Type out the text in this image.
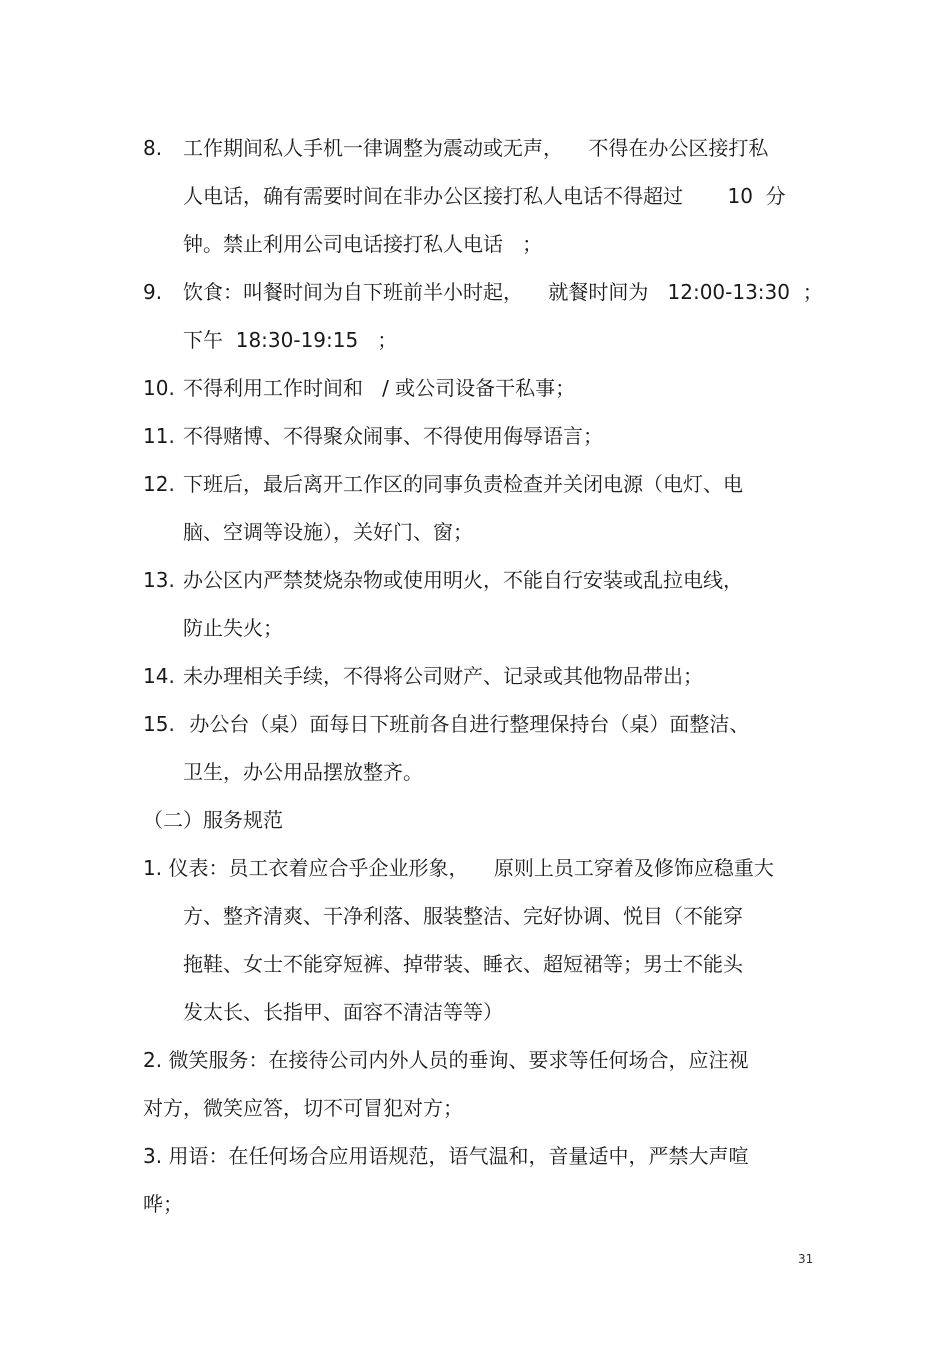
8. 工作期间私人手机一律调整为震动或无声，    不得在办公区接打私
人电话，确有需要时间在非办公区接打私人电话不得超过       10  分
钟。禁止利用公司电话接打私人电话   ；
9. 饮食：叫餐时间为自下班前半小时起，    就餐时间为   12:00-13:30  ；
下午  18:30-19:15   ；
10. 不得利用工作时间和   / 或公司设备干私事；
11. 不得赌博、不得聚众闹事、不得使用侮辱语言；
12. 下班后，最后离开工作区的同事负责检查并关闭电源（电灯、电
脑、空调等设施），关好门、窗；
13. 办公区内严禁焚烧杂物或使用明火，不能自行安装或乱拉电线，
防止失火；
14. 未办理相关手续，不得将公司财产、记录或其他物品带出；
15. 办公台（桌）面每日下班前各自进行整理保持台（桌）面整洁、
卫生，办公用品摆放整齐。
（二）服务规范
1. 仪表：员工衣着应合乎企业形象，    原则上员工穿着及修饰应稳重大
方、整齐清爽、干净利落、服装整洁、完好协调、悦目（不能穿
拖鞋、女士不能穿短裤、掉带装、睡衣、超短裙等；男士不能头
发太长、长指甲、面容不清洁等等）
2. 微笑服务：在接待公司内外人员的垂询、要求等任何场合，应注视
对方，微笑应答，切不可冒犯对方；
3. 用语：在任何场合应用语规范，语气温和，音量适中，严禁大声喧
哗；
31
